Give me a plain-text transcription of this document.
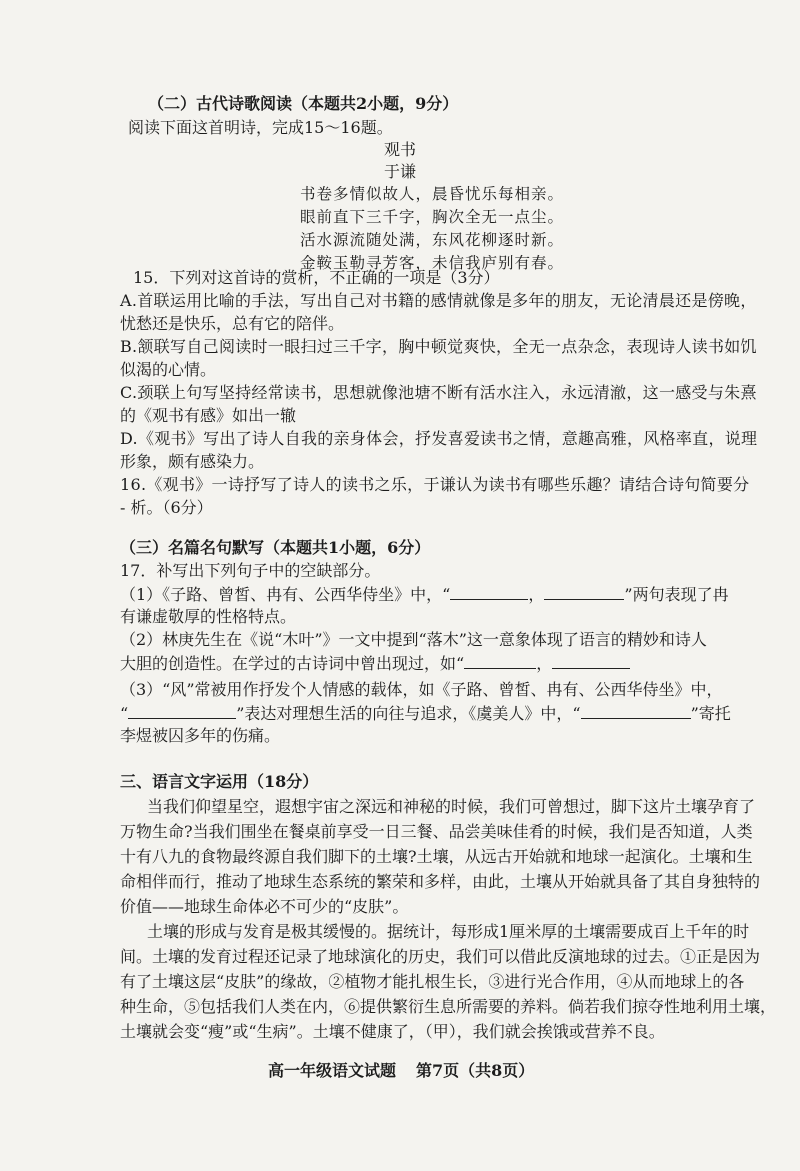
（二）古代诗歌阅读（本题共2小题，9分）
阅读下面这首明诗，完成15～16题。
观书
于谦
书卷多情似故人，晨昏忧乐每相亲。
眼前直下三千字，胸次全无一点尘。
活水源流随处满，东风花柳逐时新。
金鞍玉勒寻芳客，未信我庐别有春。
15．下列对这首诗的赏析，不正确的一项是（3分）
A.首联运用比喻的手法，写出自己对书籍的感情就像是多年的朋友，无论清晨还是傍晚，
忧愁还是快乐，总有它的陪伴。
B.颔联写自己阅读时一眼扫过三千字，胸中顿觉爽快，全无一点杂念，表现诗人读书如饥
似渴的心情。
C.颈联上句写坚持经常读书，思想就像池塘不断有活水注入，永远清澈，这一感受与朱熹
的《观书有感》如出一辙
D.《观书》写出了诗人自我的亲身体会，抒发喜爱读书之情，意趣高雅，风格率直，说理
形象，颇有感染力。
16.《观书》一诗抒写了诗人的读书之乐，于谦认为读书有哪些乐趣？请结合诗句简要分
- 析。（6分）
（三）名篇名句默写（本题共1小题，6分）
17．补写出下列句子中的空缺部分。
（1）《子路、曾皙、冉有、公西华侍坐》中，“	，	”两句表现了冉
有谦虚敬厚的性格特点。
（2）林庚先生在《说“木叶”》一文中提到“落木”这一意象体现了语言的精妙和诗人
大胆的创造性。在学过的古诗词中曾出现过，如“	，
（3）“风”常被用作抒发个人情感的载体，如《子路、曾皙、冉有、公西华侍坐》中，
“	”表达对理想生活的向往与追求，《虞美人》中，“	”寄托
李煜被囚多年的伤痛。
三、语言文字运用（18分）
当我们仰望星空，遐想宇宙之深远和神秘的时候，我们可曾想过，脚下这片土壤孕育了
万物生命?当我们围坐在餐桌前享受一日三餐、品尝美味佳肴的时候，我们是否知道，人类
十有八九的食物最终源自我们脚下的土壤?土壤，从远古开始就和地球一起演化。土壤和生
命相伴而行，推动了地球生态系统的繁荣和多样，由此，土壤从开始就具备了其自身独特的
价值——地球生命体必不可少的“皮肤”。
土壤的形成与发育是极其缓慢的。据统计，每形成1厘米厚的土壤需要成百上千年的时
间。土壤的发育过程还记录了地球演化的历史，我们可以借此反演地球的过去。①正是因为
有了土壤这层“皮肤”的缘故，②植物才能扎根生长，③进行光合作用，④从而地球上的各
种生命，⑤包括我们人类在内，⑥提供繁衍生息所需要的养料。倘若我们掠夺性地利用土壤，
土壤就会变“瘦”或“生病”。土壤不健康了，（甲），我们就会挨饿或营养不良。
高一年级语文试题 第7页（共8页）
